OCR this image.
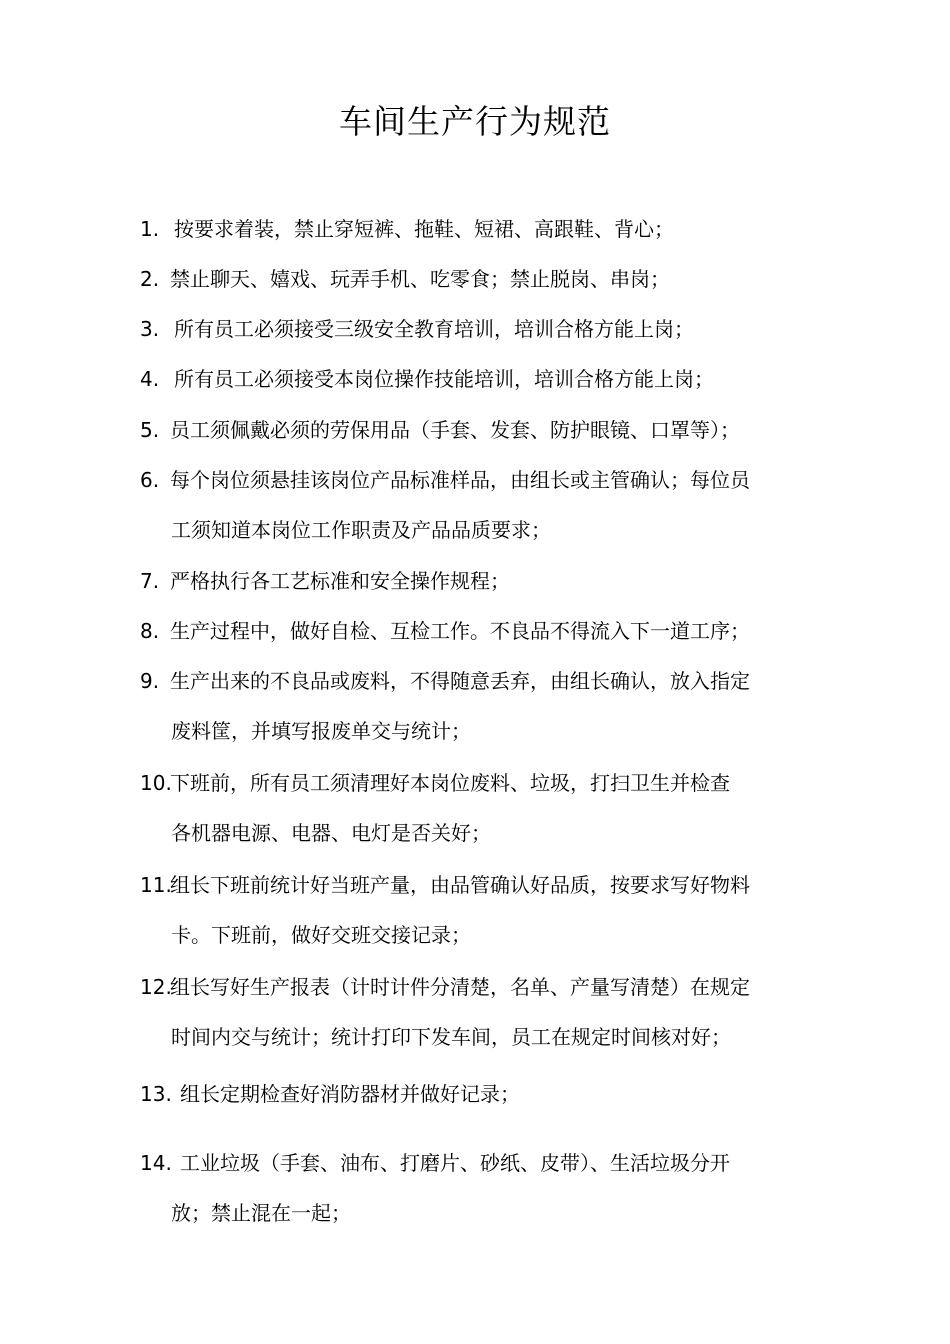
车间生产行为规范
1. 按要求着装，禁止穿短裤、拖鞋、短裙、高跟鞋、背心；
2. 禁止聊天、嬉戏、玩弄手机、吃零食；禁止脱岗、串岗；
3. 所有员工必须接受三级安全教育培训，培训合格方能上岗；
4. 所有员工必须接受本岗位操作技能培训，培训合格方能上岗；
5. 员工须佩戴必须的劳保用品（手套、发套、防护眼镜、口罩等）；
6. 每个岗位须悬挂该岗位产品标准样品，由组长或主管确认；每位员
工须知道本岗位工作职责及产品品质要求；
7. 严格执行各工艺标准和安全操作规程；
8. 生产过程中，做好自检、互检工作。不良品不得流入下一道工序；
9. 生产出来的不良品或废料，不得随意丢弃，由组长确认，放入指定
废料筐，并填写报废单交与统计；
10.下班前，所有员工须清理好本岗位废料、垃圾，打扫卫生并检查
各机器电源、电器、电灯是否关好；
11.组长下班前统计好当班产量，由品管确认好品质，按要求写好物料
卡。下班前，做好交班交接记录；
12.组长写好生产报表（计时计件分清楚，名单、产量写清楚）在规定
时间内交与统计；统计打印下发车间，员工在规定时间核对好；
13. 组长定期检查好消防器材并做好记录；
14. 工业垃圾（手套、油布、打磨片、砂纸、皮带）、生活垃圾分开
放；禁止混在一起；
